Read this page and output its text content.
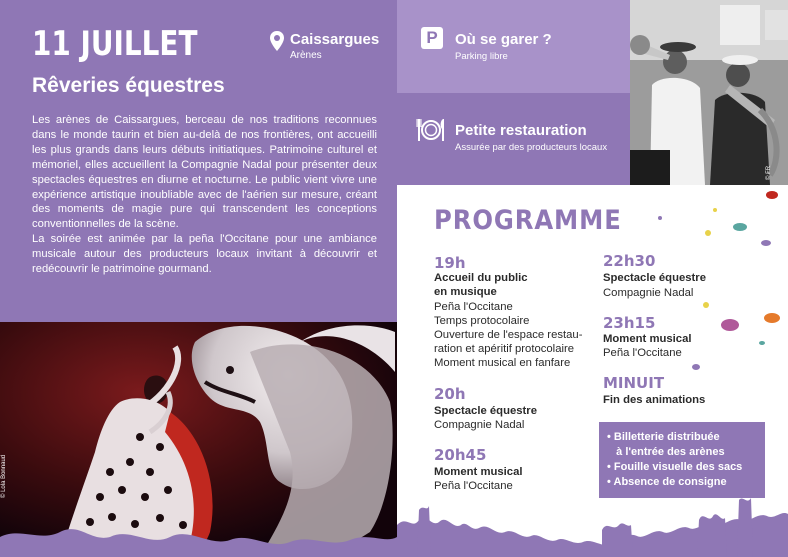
11 JUILLET
Rêveries équestres
Caissargues
Arènes

Les arènes de Caissargues, berceau de nos traditions reconnues dans le monde taurin et bien au-delà de nos frontières, ont accueilli les plus grands dans leurs débuts initiatiques. Patrimoine culturel et mémoriel, elles accueillent la Compagnie Nadal pour présenter deux spectacles équestres en diurne et nocturne. Le public vient vivre une expérience artistique inoubliable avec de l'aérien sur mesure, créant des moments de magie pure qui transcendent les conceptions conventionnelles de la scène.

La soirée est animée par la peña l'Occitane pour une ambiance musicale autour des producteurs locaux invitant à découvrir et redécouvrir le patrimoine gourmand.

© Lola Bonnaud
P	Où se garer ?
Parking libre
Petite restauration
Assurée par des producteurs locaux
© FR
PROGRAMME
19h
Accueil du public
en musique
Peña l'Occitane
Temps protocolaire
Ouverture de l'espace restau-
ration et apéritif protocolaire
Moment musical en fanfare
20h
Spectacle équestre
Compagnie Nadal
20h45
Moment musical
Peña l'Occitane
22h30
Spectacle équestre
Compagnie Nadal
23h15
Moment musical
Peña l'Occitane
MINUIT
Fin des animations
• Billetterie distribuée
à l'entrée des arènes
• Fouille visuelle des sacs
• Absence de consigne
